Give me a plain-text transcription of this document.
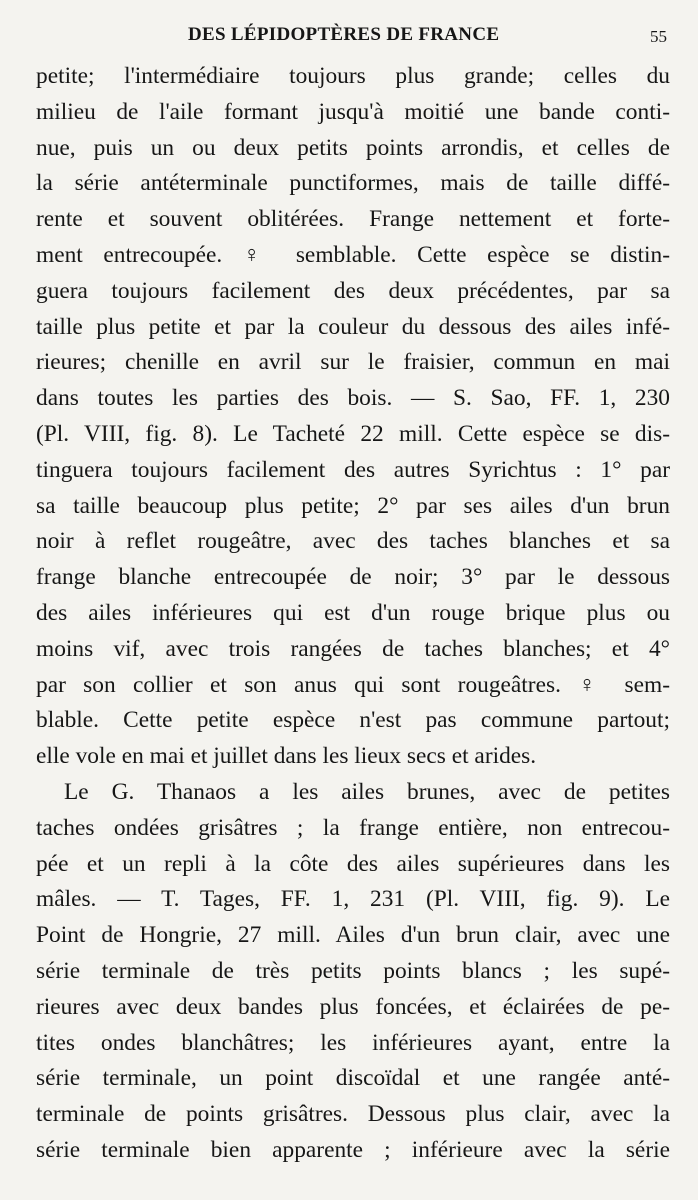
DES LÉPIDOPTÈRES DE FRANCE	55
petite; l'intermédiaire toujours plus grande; celles du
milieu de l'aile formant jusqu'à moitié une bande conti-
nue, puis un ou deux petits points arrondis, et celles de
la série antéterminale punctiformes, mais de taille diffé-
rente et souvent oblitérées. Frange nettement et forte-
ment entrecoupée. ♀ semblable. Cette espèce se distin-
guera toujours facilement des deux précédentes, par sa
taille plus petite et par la couleur du dessous des ailes infé-
rieures; chenille en avril sur le fraisier, commun en mai
dans toutes les parties des bois. — S. Sao, FF. 1, 230
(Pl. VIII, fig. 8). Le Tacheté 22 mill. Cette espèce se dis-
tinguera toujours facilement des autres Syrichtus : 1° par
sa taille beaucoup plus petite; 2° par ses ailes d'un brun
noir à reflet rougeâtre, avec des taches blanches et sa
frange blanche entrecoupée de noir; 3° par le dessous
des ailes inférieures qui est d'un rouge brique plus ou
moins vif, avec trois rangées de taches blanches; et 4°
par son collier et son anus qui sont rougeâtres. ♀ sem-
blable. Cette petite espèce n'est pas commune partout;
elle vole en mai et juillet dans les lieux secs et arides.
Le G. Thanaos a les ailes brunes, avec de petites
taches ondées grisâtres ; la frange entière, non entrecou-
pée et un repli à la côte des ailes supérieures dans les
mâles. — T. Tages, FF. 1, 231 (Pl. VIII, fig. 9). Le
Point de Hongrie, 27 mill. Ailes d'un brun clair, avec une
série terminale de très petits points blancs ; les supé-
rieures avec deux bandes plus foncées, et éclairées de pe-
tites ondes blanchâtres; les inférieures ayant, entre la
série terminale, un point discoïdal et une rangée anté-
terminale de points grisâtres. Dessous plus clair, avec la
série terminale bien apparente ; inférieure avec la série
